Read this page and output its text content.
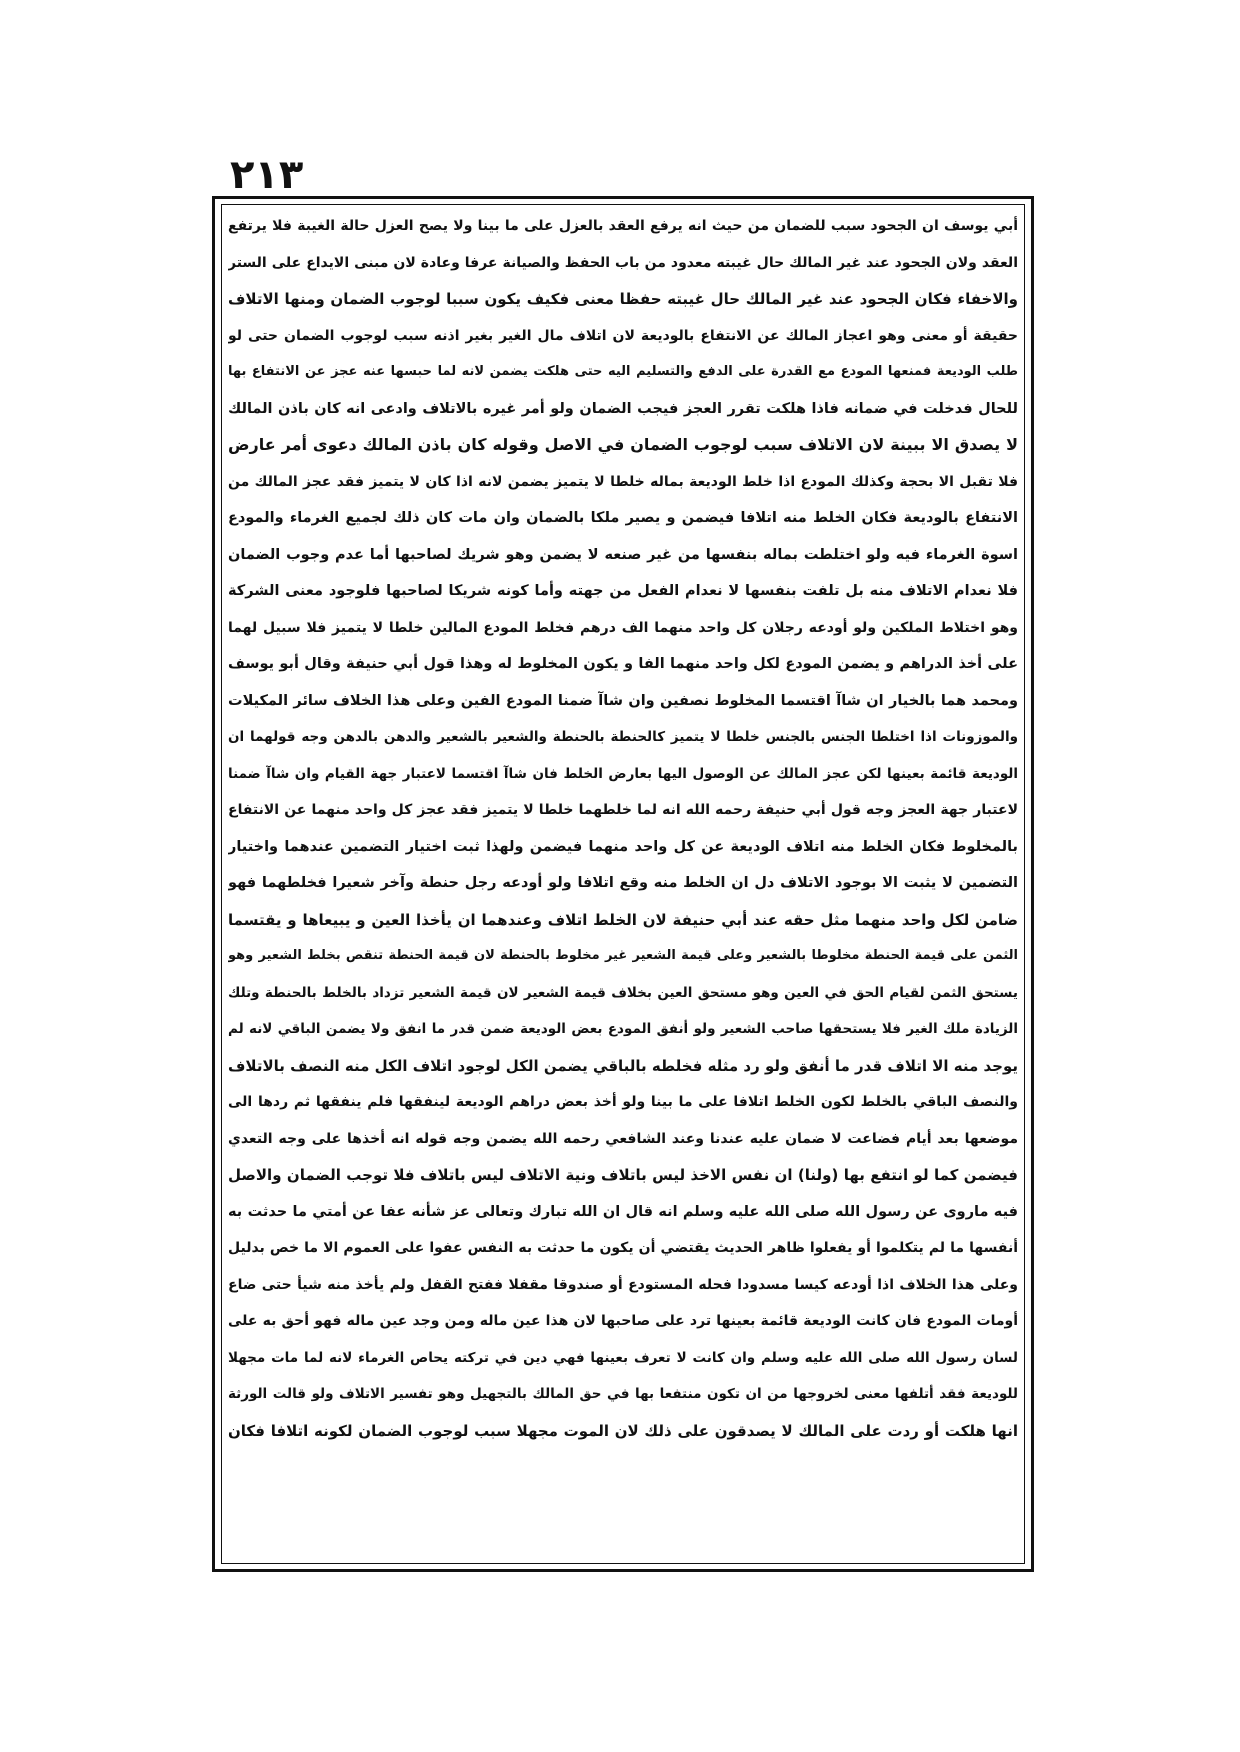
٢١٣
أبي يوسف ان الجحود سبب للضمان من حيث انه يرفع العقد بالعزل على ما بينا ولا يصح العزل حالة الغيبة فلا يرتفع
العقد ولان الجحود عند غير المالك حال غيبته معدود من باب الحفظ والصيانة عرفا وعادة لان مبنى الايداع على الستر
والاخفاء فكان الجحود عند غير المالك حال غيبته حفظا معنى فكيف يكون سببا لوجوب الضمان ومنها الاتلاف
حقيقة أو معنى وهو اعجاز المالك عن الانتفاع بالوديعة لان اتلاف مال الغير بغير اذنه سبب لوجوب الضمان حتى لو
طلب الوديعة فمنعها المودع مع القدرة على الدفع والتسليم اليه حتى هلكت يضمن لانه لما حبسها عنه عجز عن الانتفاع بها
للحال فدخلت في ضمانه فاذا هلكت تقرر العجز فيجب الضمان ولو أمر غيره بالاتلاف وادعى انه كان باذن المالك
لا يصدق الا ببينة لان الاتلاف سبب لوجوب الضمان في الاصل وقوله كان باذن المالك دعوى أمر عارض
فلا تقبل الا بحجة وكذلك المودع اذا خلط الوديعة بماله خلطا لا يتميز يضمن لانه اذا كان لا يتميز فقد عجز المالك من
الانتفاع بالوديعة فكان الخلط منه اتلافا فيضمن و يصير ملكا بالضمان وان مات كان ذلك لجميع الغرماء والمودع
اسوة الغرماء فيه ولو اختلطت بماله بنفسها من غير صنعه لا يضمن وهو شريك لصاحبها أما عدم وجوب الضمان
فلا نعدام الاتلاف منه بل تلفت بنفسها لا نعدام الفعل من جهته وأما كونه شريكا لصاحبها فلوجود معنى الشركة
وهو اختلاط الملكين ولو أودعه رجلان كل واحد منهما الف درهم فخلط المودع المالين خلطا لا يتميز فلا سبيل لهما
على أخذ الدراهم و يضمن المودع لكل واحد منهما الفا و يكون المخلوط له وهذا قول أبي حنيفة وقال أبو يوسف
ومحمد هما بالخيار ان شاآ اقتسما المخلوط نصفين وان شاآ ضمنا المودع الفين وعلى هذا الخلاف سائر المكيلات
والموزونات اذا اختلطا الجنس بالجنس خلطا لا يتميز كالحنطة بالحنطة والشعير بالشعير والدهن بالدهن وجه قولهما ان
الوديعة قائمة بعينها لكن عجز المالك عن الوصول اليها بعارض الخلط فان شاآ اقتسما لاعتبار جهة القيام وان شاآ ضمنا
لاعتبار جهة العجز وجه قول أبي حنيفة رحمه الله انه لما خلطهما خلطا لا يتميز فقد عجز كل واحد منهما عن الانتفاع
بالمخلوط فكان الخلط منه اتلاف الوديعة عن كل واحد منهما فيضمن ولهذا ثبت اختيار التضمين عندهما واختيار
التضمين لا يثبت الا بوجود الاتلاف دل ان الخلط منه وقع اتلافا ولو أودعه رجل حنطة وآخر شعيرا فخلطهما فهو
ضامن لكل واحد منهما مثل حقه عند أبي حنيفة لان الخلط اتلاف وعندهما ان يأخذا العين و يبيعاها و يقتسما
الثمن على قيمة الحنطة مخلوطا بالشعير وعلى قيمة الشعير غير مخلوط بالحنطة لان قيمة الحنطة تنقص بخلط الشعير وهو
يستحق الثمن لقيام الحق في العين وهو مستحق العين بخلاف قيمة الشعير لان قيمة الشعير تزداد بالخلط بالحنطة وتلك
الزيادة ملك الغير فلا يستحقها صاحب الشعير ولو أنفق المودع بعض الوديعة ضمن قدر ما انفق ولا يضمن الباقي لانه لم
يوجد منه الا اتلاف قدر ما أنفق ولو رد مثله فخلطه بالباقي يضمن الكل لوجود اتلاف الكل منه النصف بالاتلاف
والنصف الباقي بالخلط لكون الخلط اتلافا على ما بينا ولو أخذ بعض دراهم الوديعة لينفقها فلم ينفقها ثم ردها الى
موضعها بعد أيام فضاعت لا ضمان عليه عندنا وعند الشافعي رحمه الله يضمن وجه قوله انه أخذها على وجه التعدي
فيضمن كما لو انتفع بها (ولنا) ان نفس الاخذ ليس باتلاف ونية الاتلاف ليس باتلاف فلا توجب الضمان والاصل
فيه ماروى عن رسول الله صلى الله عليه وسلم انه قال ان الله تبارك وتعالى عز شأنه عفا عن أمتي ما حدثت به
أنفسها ما لم يتكلموا أو يفعلوا ظاهر الحديث يقتضي أن يكون ما حدثت به النفس عفوا على العموم الا ما خص بدليل
وعلى هذا الخلاف اذا أودعه كيسا مسدودا فحله المستودع أو صندوقا مقفلا ففتح القفل ولم يأخذ منه شيأ حتى ضاع
أومات المودع فان كانت الوديعة قائمة بعينها ترد على صاحبها لان هذا عين ماله ومن وجد عين ماله فهو أحق به على
لسان رسول الله صلى الله عليه وسلم وان كانت لا تعرف بعينها فهي دين في تركته يحاص الغرماء لانه لما مات مجهلا
للوديعة فقد أتلفها معنى لخروجها من ان تكون منتفعا بها في حق المالك بالتجهيل وهو تفسير الاتلاف ولو قالت الورثة
انها هلكت أو ردت على المالك لا يصدقون على ذلك لان الموت مجهلا سبب لوجوب الضمان لكونه اتلافا فكان
